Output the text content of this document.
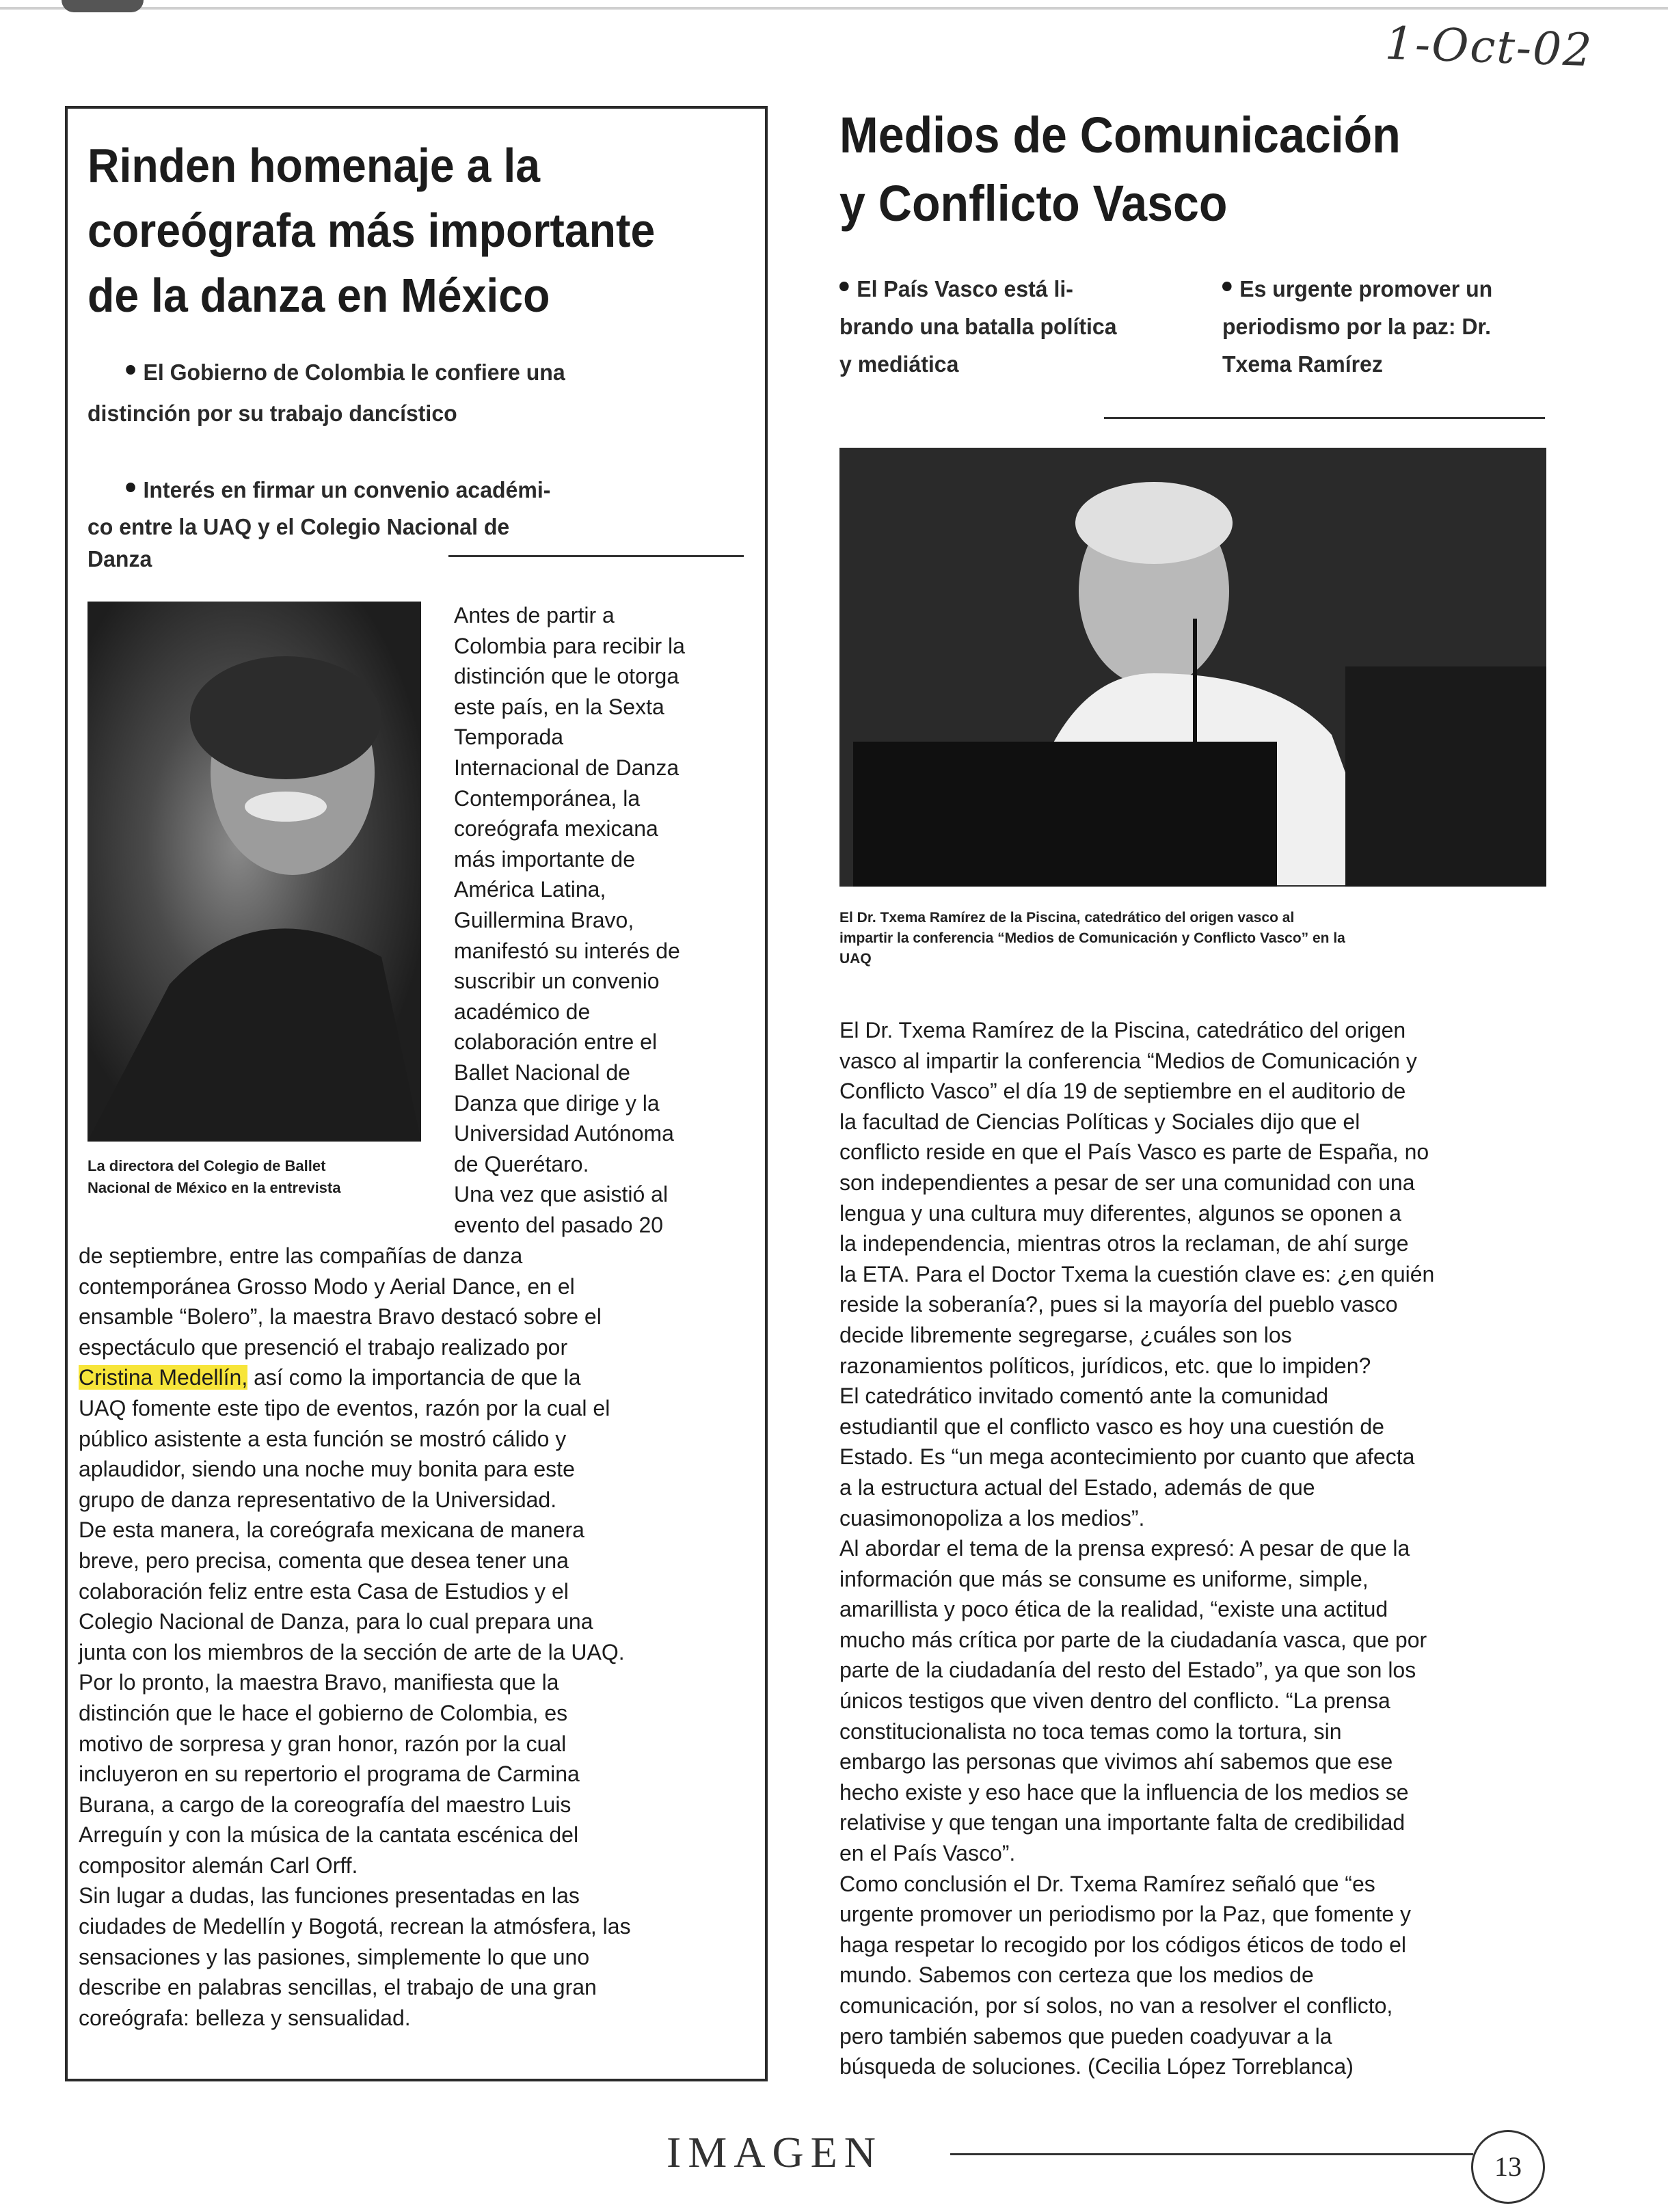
1-Oct-02
Rinden homenaje a la
coreógrafa más importante
de la danza en México
El Gobierno de Colombia le confiere una
distinción por su trabajo dancístico
Interés en firmar un convenio académi-
co entre la UAQ y el Colegio Nacional de
Danza
La directora del Colegio de Ballet
Nacional de México en la entrevista

Antes de partir a

Colombia para recibir la

distinción que le otorga

este país, en la Sexta

Temporada

Internacional de Danza

Contemporánea, la

coreógrafa mexicana

más importante de

América Latina,

Guillermina Bravo,

manifestó su interés de

suscribir un convenio

académico de

colaboración entre el

Ballet Nacional de

Danza que dirige y la

Universidad Autónoma

de Querétaro.

Una vez que asistió al

evento del pasado 20

de septiembre, entre las compañías de danza

contemporánea Grosso Modo y Aerial Dance, en el

ensamble “Bolero”, la maestra Bravo destacó sobre el

espectáculo que presenció el trabajo realizado por

Cristina Medellín, así como la importancia de que la

UAQ fomente este tipo de eventos, razón por la cual el

público asistente a esta función se mostró cálido y

aplaudidor, siendo una noche muy bonita para este

grupo de danza representativo de la Universidad.

De esta manera, la coreógrafa mexicana de manera

breve, pero precisa, comenta que desea tener una

colaboración feliz entre esta Casa de Estudios y el

Colegio Nacional de Danza, para lo cual prepara una

junta con los miembros de la sección de arte de la UAQ.

Por lo pronto, la maestra Bravo, manifiesta que la

distinción que le hace el gobierno de Colombia, es

motivo de sorpresa y gran honor, razón por la cual

incluyeron en su repertorio el programa de Carmina

Burana, a cargo de la coreografía del maestro Luis

Arreguín y con la música de la cantata escénica del

compositor alemán Carl Orff.

Sin lugar a dudas, las funciones presentadas en las

ciudades de Medellín y Bogotá, recrean la atmósfera, las

sensaciones y las pasiones, simplemente lo que uno

describe en palabras sencillas, el trabajo de una gran

coreógrafa: belleza y sensualidad.

Medios de Comunicación
y Conflicto Vasco
El País Vasco está li-
brando una batalla política
y mediática
Es urgente promover un
periodismo por la paz: Dr.
Txema Ramírez
El Dr. Txema Ramírez de la Piscina, catedrático del origen vasco al
impartir la conferencia “Medios de Comunicación y Conflicto Vasco” en la
UAQ

El Dr. Txema Ramírez de la Piscina, catedrático del origen

vasco al impartir la conferencia “Medios de Comunicación y

Conflicto Vasco” el día 19 de septiembre en el auditorio de

la facultad de Ciencias Políticas y Sociales dijo que el

conflicto reside en que el País Vasco es parte de España, no

son independientes a pesar de ser una comunidad con una

lengua y una cultura muy diferentes, algunos se oponen a

la independencia, mientras otros la reclaman, de ahí surge

la ETA. Para el Doctor Txema la cuestión clave es: ¿en quién

reside la soberanía?, pues si la mayoría del pueblo vasco

decide libremente segregarse, ¿cuáles son los

razonamientos políticos, jurídicos, etc. que lo impiden?

El catedrático invitado comentó ante la comunidad

estudiantil que el conflicto vasco es hoy una cuestión de

Estado. Es “un mega acontecimiento por cuanto que afecta

a la estructura actual del Estado, además de que

cuasimonopoliza a los medios”.

Al abordar el tema de la prensa expresó: A pesar de que la

información que más se consume es uniforme, simple,

amarillista y poco ética de la realidad, “existe una actitud

mucho más crítica por parte de la ciudadanía vasca, que por

parte de la ciudadanía del resto del Estado”, ya que son los

únicos testigos que viven dentro del conflicto. “La prensa

constitucionalista no toca temas como la tortura, sin

embargo las personas que vivimos ahí sabemos que ese

hecho existe y eso hace que la influencia de los medios se

relativise y que tengan una importante falta de credibilidad

en el País Vasco”.

Como conclusión el Dr. Txema Ramírez señaló que “es

urgente promover un periodismo por la Paz, que fomente y

haga respetar lo recogido por los códigos éticos de todo el

mundo. Sabemos con certeza que los medios de

comunicación, por sí solos, no van a resolver el conflicto,

pero también sabemos que pueden coadyuvar a la

búsqueda de soluciones. (Cecilia López Torreblanca)

IMAGEN	13
